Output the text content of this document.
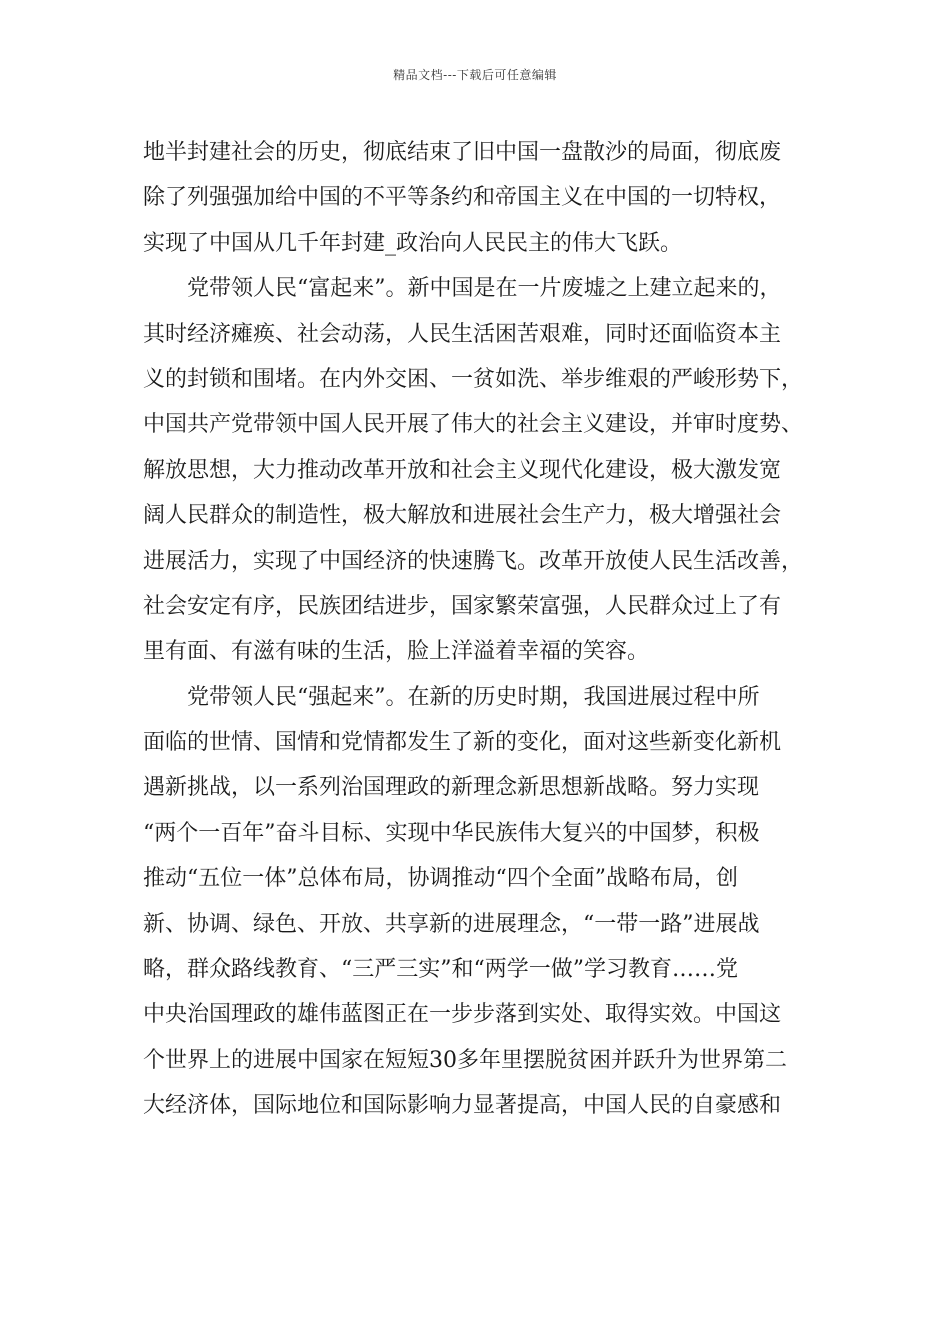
精品文档---下载后可任意编辑
地半封建社会的历史，彻底结束了旧中国一盘散沙的局面，彻底废
除了列强强加给中国的不平等条约和帝国主义在中国的一切特权，
实现了中国从几千年封建_政治向人民民主的伟大飞跃。
党带领人民“富起来”。新中国是在一片废墟之上建立起来的，
其时经济瘫痪、社会动荡，人民生活困苦艰难，同时还面临资本主
义的封锁和围堵。在内外交困、一贫如洗、举步维艰的严峻形势下，
中国共产党带领中国人民开展了伟大的社会主义建设，并审时度势、
解放思想，大力推动改革开放和社会主义现代化建设，极大激发宽
阔人民群众的制造性，极大解放和进展社会生产力，极大增强社会
进展活力，实现了中国经济的快速腾飞。改革开放使人民生活改善，
社会安定有序，民族团结进步，国家繁荣富强，人民群众过上了有
里有面、有滋有味的生活，脸上洋溢着幸福的笑容。
党带领人民“强起来”。在新的历史时期，我国进展过程中所
面临的世情、国情和党情都发生了新的变化，面对这些新变化新机
遇新挑战，以一系列治国理政的新理念新思想新战略。努力实现
“两个一百年”奋斗目标、实现中华民族伟大复兴的中国梦，积极
推动“五位一体”总体布局，协调推动“四个全面”战略布局，创
新、协调、绿色、开放、共享新的进展理念，“一带一路”进展战
略，群众路线教育、“三严三实”和“两学一做”学习教育……党
中央治国理政的雄伟蓝图正在一步步落到实处、取得实效。中国这
个世界上的进展中国家在短短30多年里摆脱贫困并跃升为世界第二
大经济体，国际地位和国际影响力显著提高，中国人民的自豪感和
